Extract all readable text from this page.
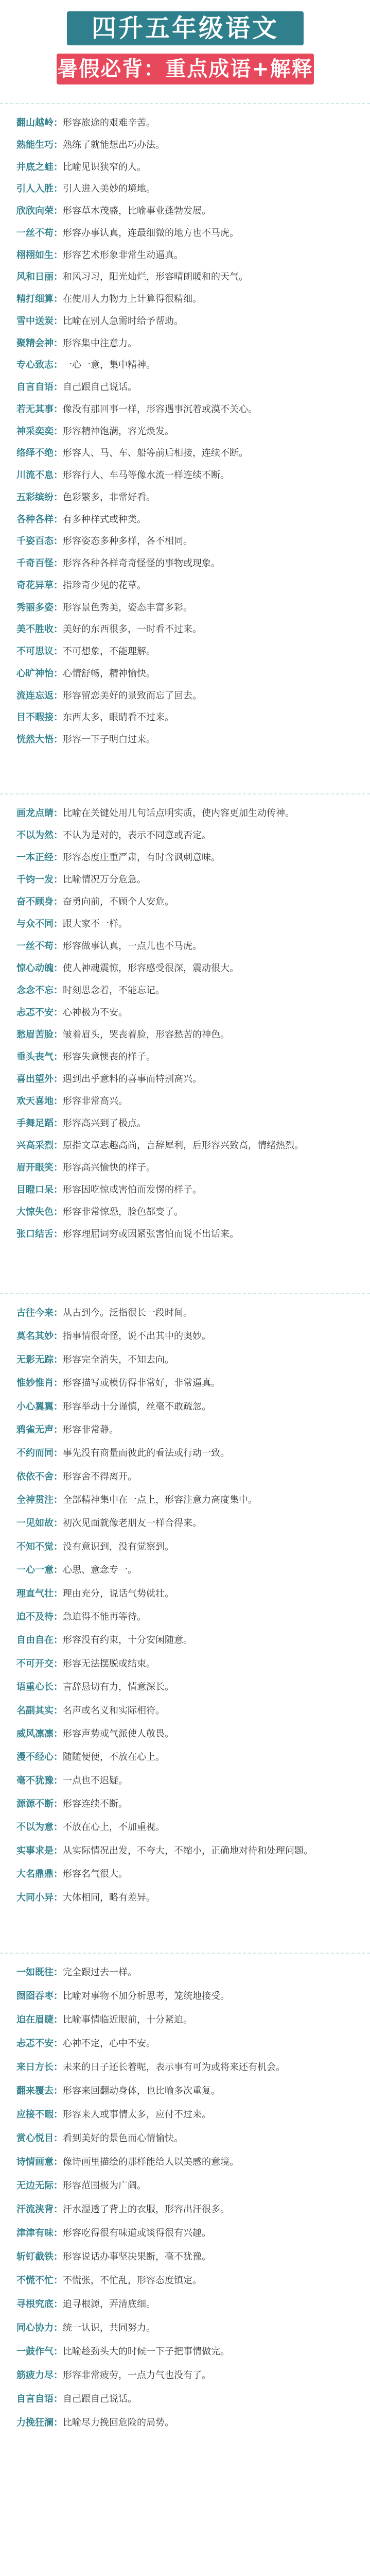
四升五年级语文
暑假必背：重点成语+解释
翻山越岭：形容旅途的艰难辛苦。
熟能生巧：熟练了就能想出巧办法。
井底之蛙：比喻见识狭窄的人。
引人入胜：引人进入美妙的境地。
欣欣向荣：形容草木茂盛，比喻事业蓬勃发展。
一丝不苟：形容办事认真，连最细微的地方也不马虎。
栩栩如生：形容艺术形象非常生动逼真。
风和日丽：和风习习，阳光灿烂，形容晴朗暖和的天气。
精打细算：在使用人力物力上计算得很精细。
雪中送炭：比喻在别人急需时给予帮助。
聚精会神：形容集中注意力。
专心致志：一心一意，集中精神。
自言自语：自己跟自己说话。
若无其事：像没有那回事一样，形容遇事沉着或漠不关心。
神采奕奕：形容精神饱满，容光焕发。
络绎不绝：形容人、马、车、船等前后相接，连续不断。
川流不息：形容行人、车马等像水流一样连续不断。
五彩缤纷：色彩繁多，非常好看。
各种各样：有多种样式或种类。
千姿百态：形容姿态多种多样，各不相同。
千奇百怪：形容各种各样奇奇怪怪的事物或现象。
奇花异草：指珍奇少见的花草。
秀丽多姿：形容景色秀美，姿态丰富多彩。
美不胜收：美好的东西很多，一时看不过来。
不可思议：不可想象，不能理解。
心旷神怡：心情舒畅，精神愉快。
流连忘返：形容留恋美好的景致而忘了回去。
目不暇接：东西太多，眼睛看不过来。
恍然大悟：形容一下子明白过来。
画龙点睛：比喻在关键处用几句话点明实质，使内容更加生动传神。
不以为然：不认为是对的，表示不同意或否定。
一本正经：形容态度庄重严肃，有时含讽刺意味。
千钧一发：比喻情况万分危急。
奋不顾身：奋勇向前，不顾个人安危。
与众不同：跟大家不一样。
一丝不苟：形容做事认真，一点儿也不马虎。
惊心动魄：使人神魂震惊，形容感受很深，震动很大。
念念不忘：时刻思念着，不能忘记。
忐忑不安：心神极为不安。
愁眉苦脸：皱着眉头，哭丧着脸，形容愁苦的神色。
垂头丧气：形容失意懊丧的样子。
喜出望外：遇到出乎意料的喜事而特别高兴。
欢天喜地：形容非常高兴。
手舞足蹈：形容高兴到了极点。
兴高采烈：原指文章志趣高尚，言辞犀利，后形容兴致高，情绪热烈。
眉开眼笑：形容高兴愉快的样子。
目瞪口呆：形容因吃惊或害怕而发愣的样子。
大惊失色：形容非常惊恐，脸色都变了。
张口结舌：形容理屈词穷或因紧张害怕而说不出话来。
古往今来：从古到今。泛指很长一段时间。
莫名其妙：指事情很奇怪，说不出其中的奥妙。
无影无踪：形容完全消失，不知去向。
惟妙惟肖：形容描写或模仿得非常好，非常逼真。
小心翼翼：形容举动十分谨慎，丝毫不敢疏忽。
鸦雀无声：形容非常静。
不约而同：事先没有商量而彼此的看法或行动一致。
依依不舍：形容舍不得离开。
全神贯注：全部精神集中在一点上，形容注意力高度集中。
一见如故：初次见面就像老朋友一样合得来。
不知不觉：没有意识到，没有觉察到。
一心一意：心思、意念专一。
理直气壮：理由充分，说话气势就壮。
迫不及待：急迫得不能再等待。
自由自在：形容没有约束，十分安闲随意。
不可开交：形容无法摆脱或结束。
语重心长：言辞恳切有力，情意深长。
名副其实：名声或名义和实际相符。
威风凛凛：形容声势或气派使人敬畏。
漫不经心：随随便便，不放在心上。
毫不犹豫：一点也不迟疑。
源源不断：形容连续不断。
不以为意：不放在心上，不加重视。
实事求是：从实际情况出发，不夸大，不缩小，正确地对待和处理问题。
大名鼎鼎：形容名气很大。
大同小异：大体相同，略有差异。
一如既往：完全跟过去一样。
囫囵吞枣：比喻对事物不加分析思考，笼统地接受。
迫在眉睫：比喻事情临近眼前，十分紧迫。
忐忑不安：心神不定，心中不安。
来日方长：未来的日子还长着呢，表示事有可为或将来还有机会。
翻来覆去：形容来回翻动身体，也比喻多次重复。
应接不暇：形容来人或事情太多，应付不过来。
赏心悦目：看到美好的景色而心情愉快。
诗情画意：像诗画里描绘的那样能给人以美感的意境。
无边无际：形容范围极为广阔。
汗流浃背：汗水湿透了背上的衣服，形容出汗很多。
津津有味：形容吃得很有味道或谈得很有兴趣。
斩钉截铁：形容说话办事坚决果断，毫不犹豫。
不慌不忙：不慌张，不忙乱，形容态度镇定。
寻根究底：追寻根源，弄清底细。
同心协力：统一认识，共同努力。
一鼓作气：比喻趁劲头大的时候一下子把事情做完。
筋疲力尽：形容非常疲劳，一点力气也没有了。
自言自语：自己跟自己说话。
力挽狂澜：比喻尽力挽回危险的局势。
